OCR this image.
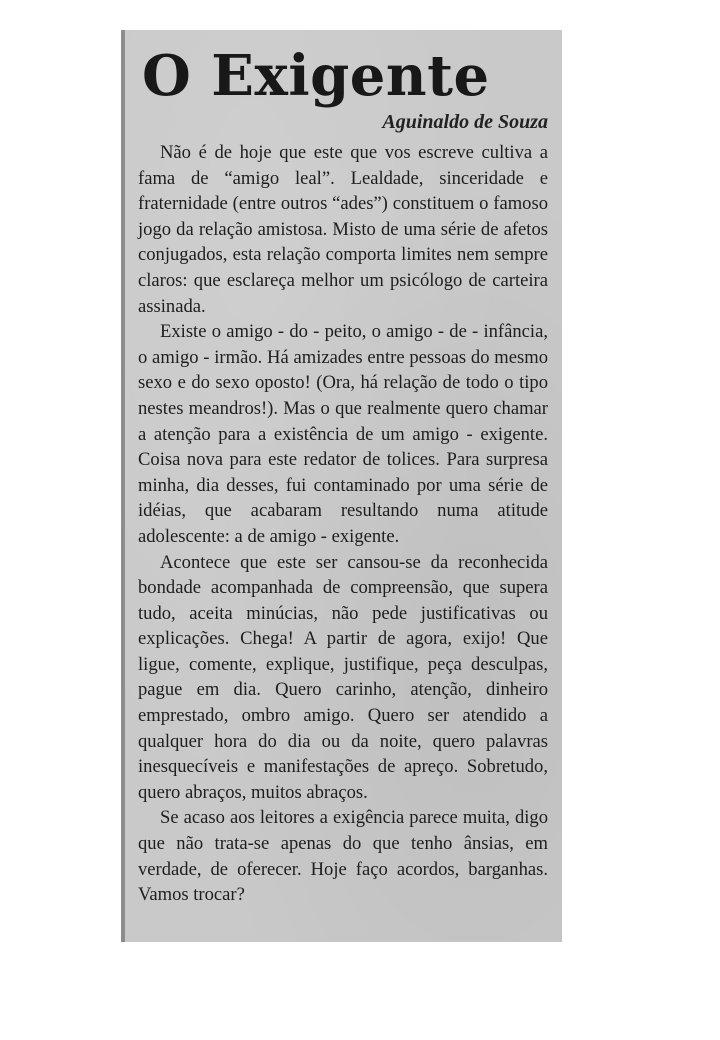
O Exigente
Aguinaldo de Souza

Não é de hoje que este que vos escreve cultiva a fama de “amigo leal”. Lealdade, sinceridade e fraternidade (entre outros “ades”) constituem o famoso jogo da relação amistosa. Misto de uma série de afetos conjugados, esta relação comporta limites nem sempre claros: que esclareça melhor um psicólogo de carteira assinada.

Existe o amigo - do - peito, o amigo - de - infância, o amigo - irmão. Há amizades entre pessoas do mesmo sexo e do sexo oposto! (Ora, há relação de todo o tipo nestes meandros!). Mas o que realmente quero chamar a atenção para a existência de um amigo - exigente. Coisa nova para este redator de tolices. Para surpresa minha, dia desses, fui contaminado por uma série de idéias, que acabaram resultando numa atitude adolescente: a de amigo - exigente.

Acontece que este ser cansou-se da reconhecida bondade acompanhada de compreensão, que supera tudo, aceita minúcias, não pede justificativas ou explicações. Chega! A partir de agora, exijo! Que ligue, comente, explique, justifique, peça desculpas, pague em dia. Quero carinho, atenção, dinheiro emprestado, ombro amigo. Quero ser atendido a qualquer hora do dia ou da noite, quero palavras inesquecíveis e manifestações de apreço. Sobretudo, quero abraços, muitos abraços.

Se acaso aos leitores a exigência parece muita, digo que não trata-se apenas do que tenho ânsias, em verdade, de oferecer. Hoje faço acordos, barganhas. Vamos trocar?
